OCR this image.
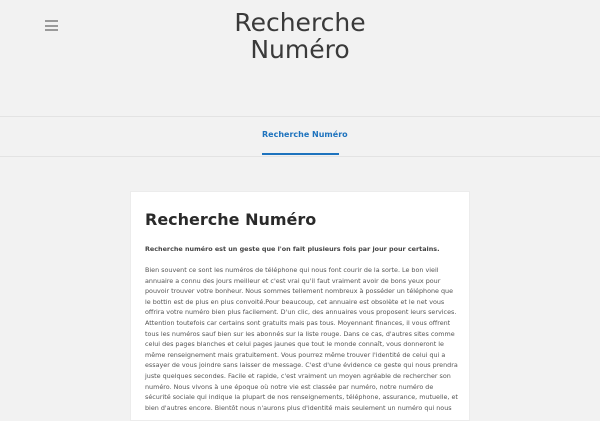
Recherche
Numéro
Recherche Numéro
Recherche Numéro

Recherche numéro est un geste que l'on fait plusieurs fois par jour pour certains.

Bien souvent ce sont les numéros de téléphone qui nous font courir de la sorte. Le bon vieil
annuaire a connu des jours meilleur et c'est vrai qu'il faut vraiment avoir de bons yeux pour
pouvoir trouver votre bonheur. Nous sommes tellement nombreux à posséder un téléphone que
le bottin est de plus en plus convoité.Pour beaucoup, cet annuaire est obsolète et le net vous
offrira votre numéro bien plus facilement. D'un clic, des annuaires vous proposent leurs services.
Attention toutefois car certains sont gratuits mais pas tous. Moyennant finances, il vous offrent
tous les numéros sauf bien sur les abonnés sur la liste rouge. Dans ce cas, d'autres sites comme
celui des pages blanches et celui pages jaunes que tout le monde connaît, vous donneront le
même renseignement mais gratuitement. Vous pourrez même trouver l'identité de celui qui a
essayer de vous joindre sans laisser de message. C'est d'une évidence ce geste qui nous prendra
juste quelques secondes. Facile et rapide, c'est vraiment un moyen agréable de rechercher son
numéro. Nous vivons à une époque où notre vie est classée par numéro, notre numéro de
sécurité sociale qui indique la plupart de nos renseignements, téléphone, assurance, mutuelle, et
bien d'autres encore. Bientôt nous n'aurons plus d'identité mais seulement un numéro qui nous
